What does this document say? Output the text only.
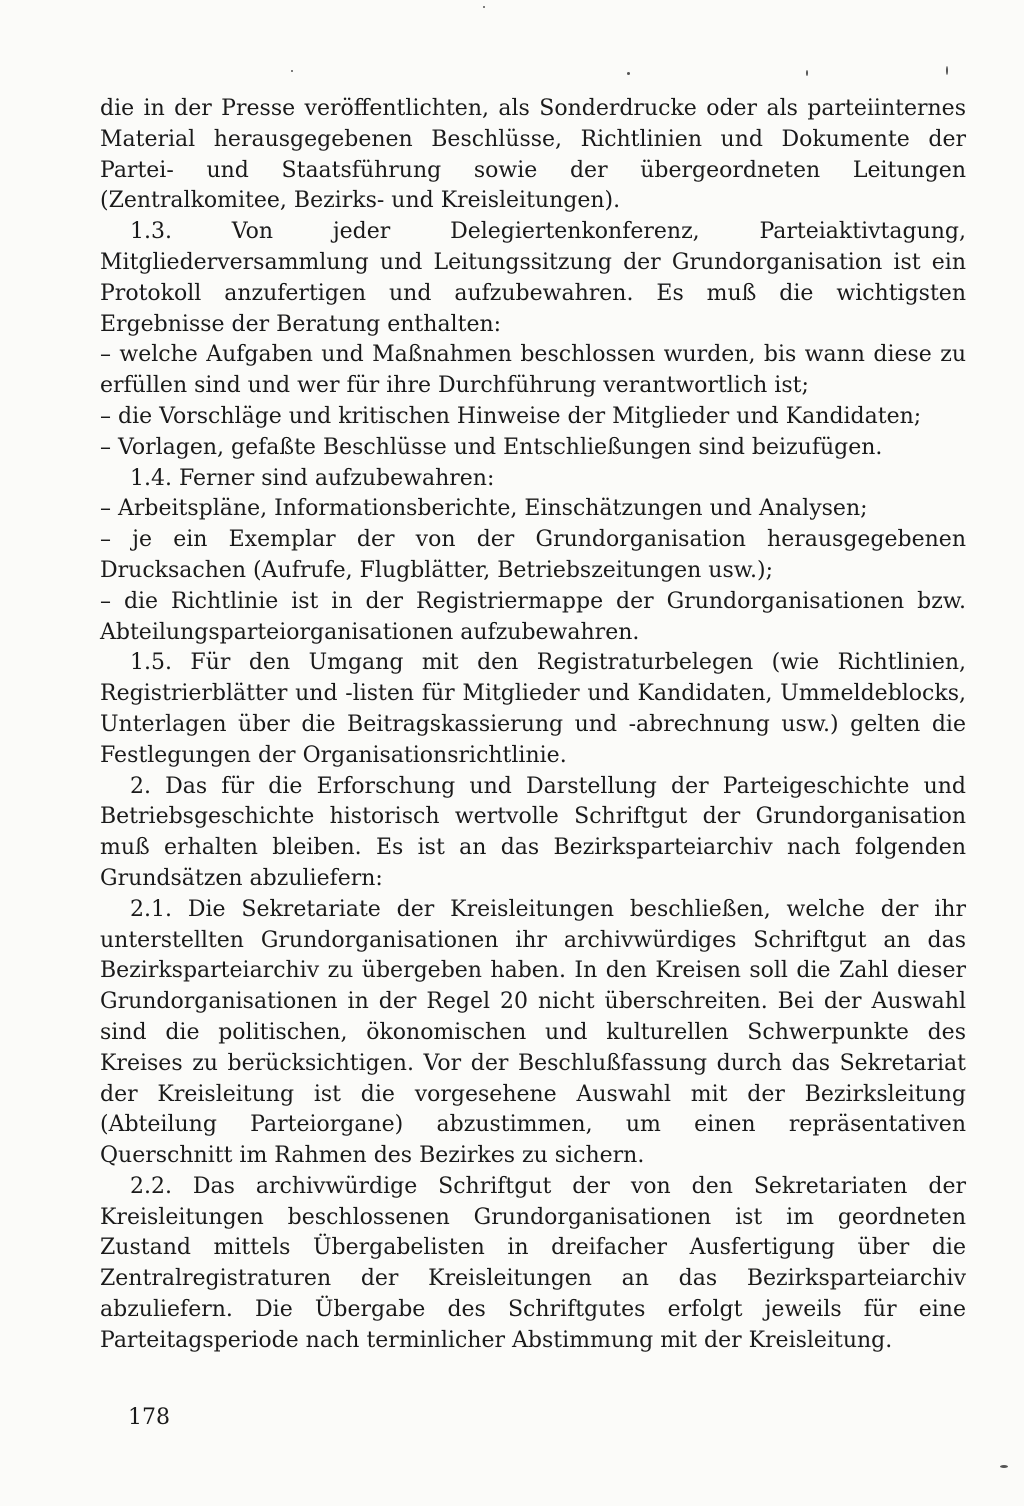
die in der Presse veröffentlichten, als Sonderdrucke oder als parteiinternes Material herausgegebenen Beschlüsse, Richtlinien und Dokumente der Partei- und Staatsführung sowie der übergeordneten Leitungen (Zentralkomitee, Bezirks- und Kreisleitungen).

1.3. Von jeder Delegiertenkonferenz, Parteiaktivtagung, Mitgliederversammlung und Leitungssitzung der Grundorganisation ist ein Protokoll anzufertigen und aufzubewahren. Es muß die wichtigsten Ergebnisse der Beratung enthalten:

– welche Aufgaben und Maßnahmen beschlossen wurden, bis wann diese zu erfüllen sind und wer für ihre Durchführung verantwortlich ist;

– die Vorschläge und kritischen Hinweise der Mitglieder und Kandidaten;

– Vorlagen, gefaßte Beschlüsse und Entschließungen sind beizufügen.

1.4. Ferner sind aufzubewahren:

– Arbeitspläne, Informationsberichte, Einschätzungen und Analysen;

– je ein Exemplar der von der Grundorganisation herausgegebenen Drucksachen (Aufrufe, Flugblätter, Betriebszeitungen usw.);

– die Richtlinie ist in der Registriermappe der Grundorganisationen bzw. Abteilungsparteiorganisationen aufzubewahren.

1.5. Für den Umgang mit den Registraturbelegen (wie Richtlinien, Registrierblätter und -listen für Mitglieder und Kandidaten, Ummeldeblocks, Unterlagen über die Beitragskassierung und -abrechnung usw.) gelten die Festlegungen der Organisationsrichtlinie.

2. Das für die Erforschung und Darstellung der Parteigeschichte und Betriebsgeschichte historisch wertvolle Schriftgut der Grundorganisation muß erhalten bleiben. Es ist an das Bezirksparteiarchiv nach folgenden Grundsätzen abzuliefern:

2.1. Die Sekretariate der Kreisleitungen beschließen, welche der ihr unterstellten Grundorganisationen ihr archivwürdiges Schriftgut an das Bezirksparteiarchiv zu übergeben haben. In den Kreisen soll die Zahl dieser Grundorganisationen in der Regel 20 nicht überschreiten. Bei der Auswahl sind die politischen, ökonomischen und kulturellen Schwerpunkte des Kreises zu berücksichtigen. Vor der Beschlußfassung durch das Sekretariat der Kreisleitung ist die vorgesehene Auswahl mit der Bezirksleitung (Abteilung Parteiorgane) abzustimmen, um einen repräsentativen Querschnitt im Rahmen des Bezirkes zu sichern.

2.2. Das archivwürdige Schriftgut der von den Sekretariaten der Kreisleitungen beschlossenen Grundorganisationen ist im geordneten Zustand mittels Übergabelisten in dreifacher Ausfertigung über die Zentralregistraturen der Kreisleitungen an das Bezirksparteiarchiv abzuliefern. Die Übergabe des Schriftgutes erfolgt jeweils für eine Parteitagsperiode nach terminlicher Abstimmung mit der Kreisleitung.

178
